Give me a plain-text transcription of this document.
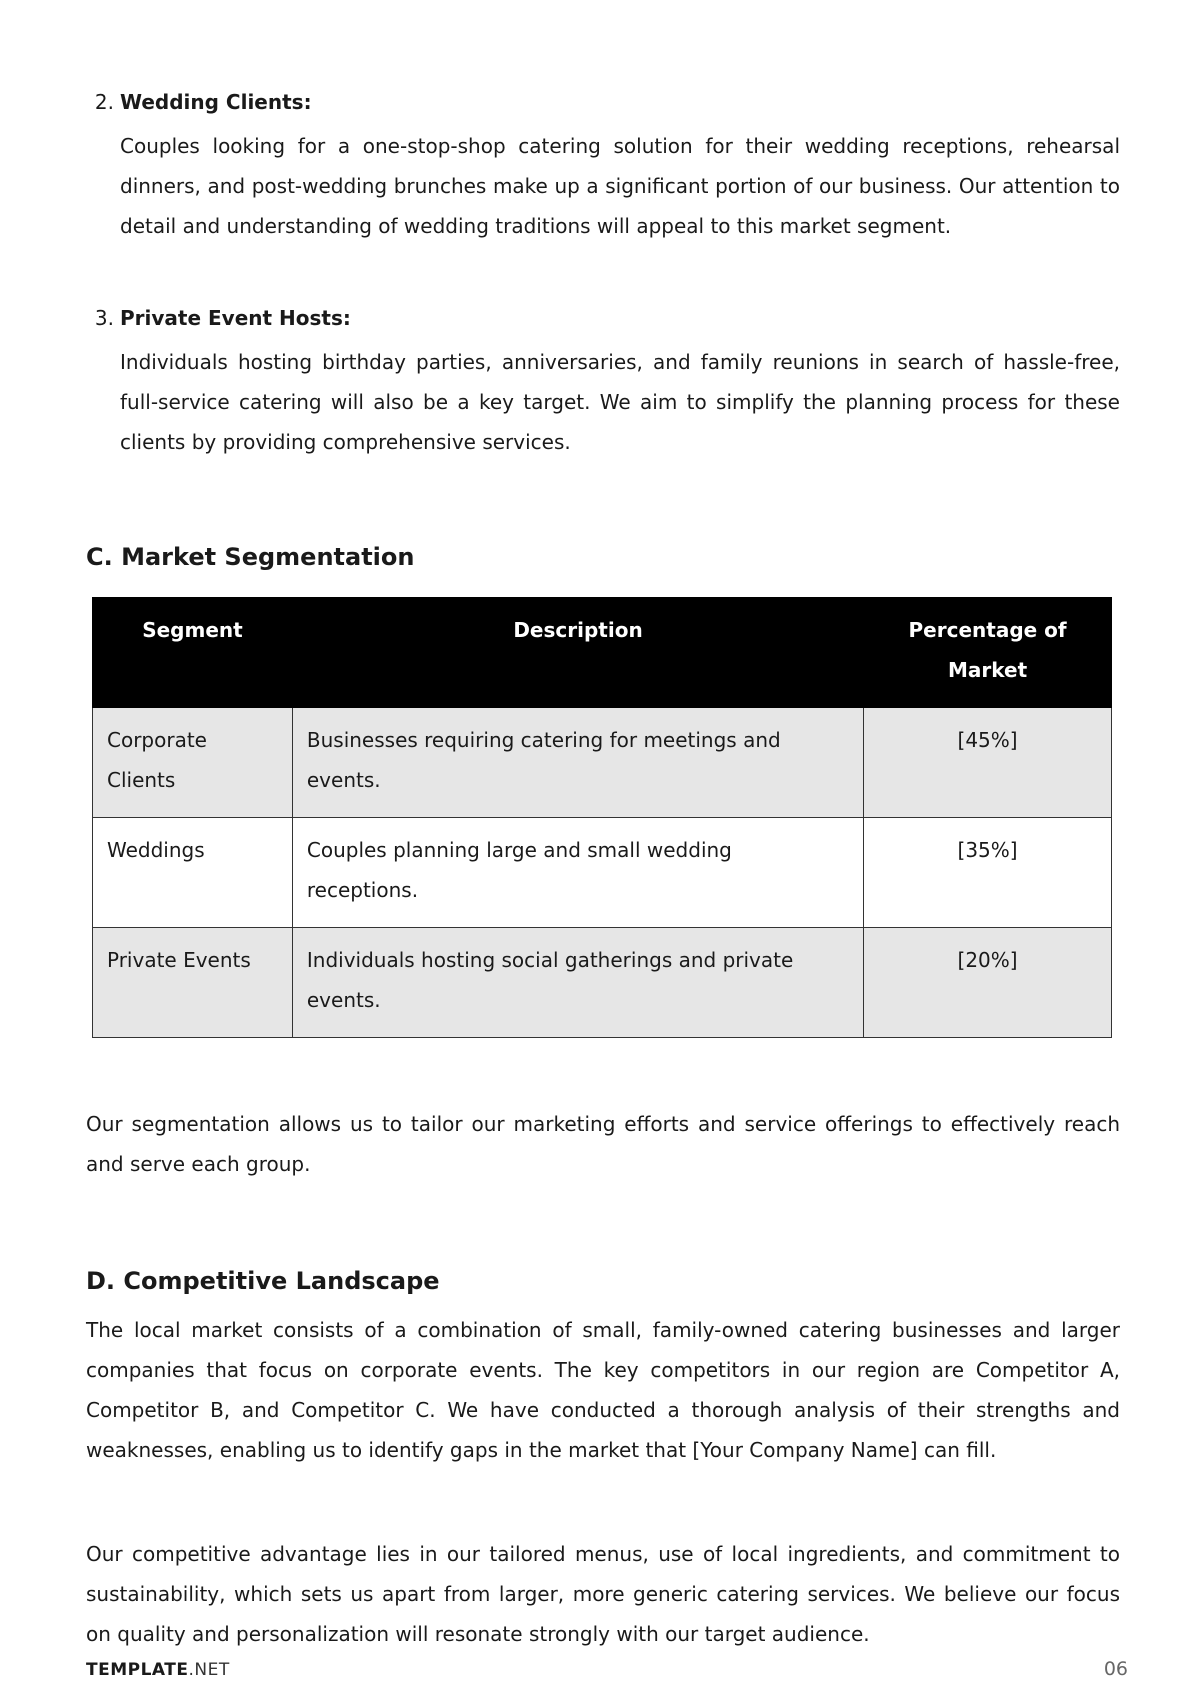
2. Wedding Clients:
Couples looking for a one-stop-shop catering solution for their wedding receptions, rehearsal dinners, and post-wedding brunches make up a significant portion of our business. Our attention to detail and understanding of wedding traditions will appeal to this market segment.
3. Private Event Hosts:
Individuals hosting birthday parties, anniversaries, and family reunions in search of hassle-free, full-service catering will also be a key target. We aim to simplify the planning process for these clients by providing comprehensive services.
C. Market Segmentation
Segment	Description	Percentage of Market
Corporate Clients	Businesses requiring catering for meetings and events.	[45%]
Weddings	Couples planning large and small wedding receptions.	[35%]
Private Events	Individuals hosting social gatherings and private events.	[20%]
Our segmentation allows us to tailor our marketing efforts and service offerings to effectively reach and serve each group.
D. Competitive Landscape
The local market consists of a combination of small, family-owned catering businesses and larger companies that focus on corporate events. The key competitors in our region are Competitor A, Competitor B, and Competitor C. We have conducted a thorough analysis of their strengths and weaknesses, enabling us to identify gaps in the market that [Your Company Name] can fill.
Our competitive advantage lies in our tailored menus, use of local ingredients, and commitment to sustainability, which sets us apart from larger, more generic catering services. We believe our focus on quality and personalization will resonate strongly with our target audience.
TEMPLATE.NET	06
